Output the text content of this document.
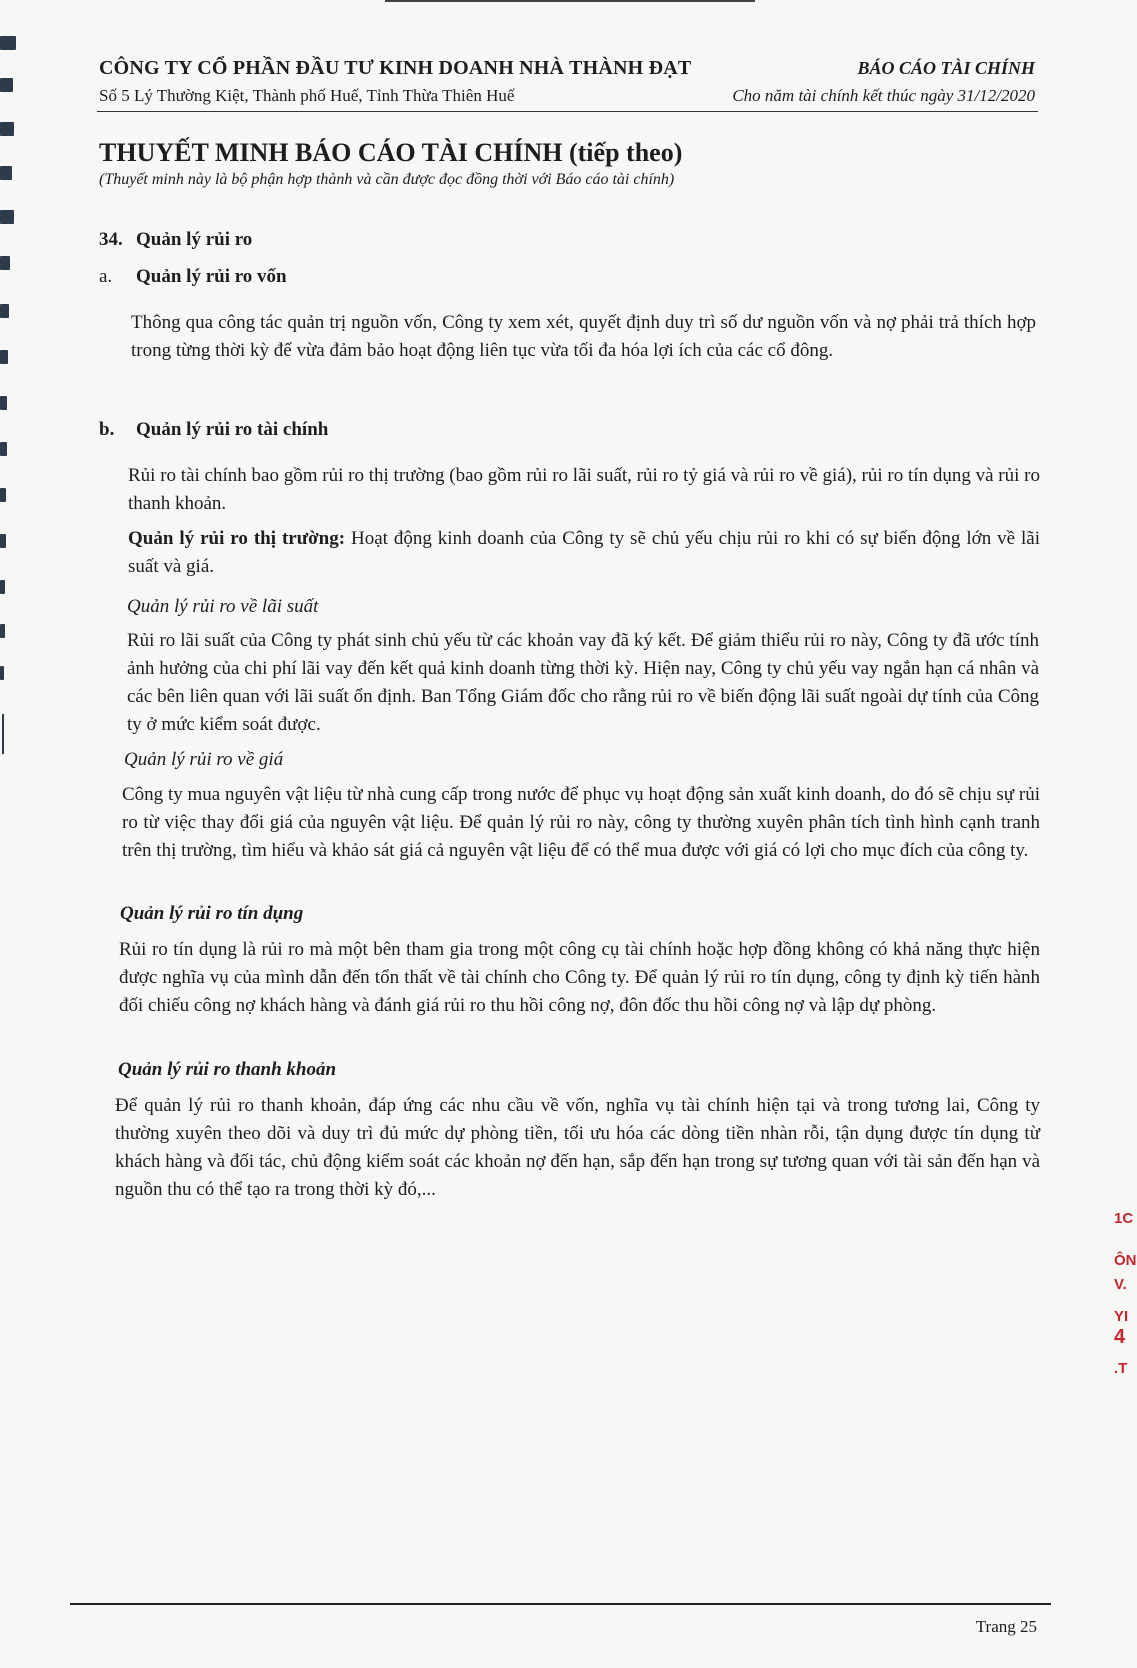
CÔNG TY CỔ PHẦN ĐẦU TƯ KINH DOANH NHÀ THÀNH ĐẠT
Số 5 Lý Thường Kiệt, Thành phố Huế, Tỉnh Thừa Thiên Huế
BÁO CÁO TÀI CHÍNH
Cho năm tài chính kết thúc ngày 31/12/2020
THUYẾT MINH BÁO CÁO TÀI CHÍNH (tiếp theo)
(Thuyết minh này là bộ phận hợp thành và cần được đọc đồng thời với Báo cáo tài chính)
34. Quản lý rủi ro
a. Quản lý rủi ro vốn
Thông qua công tác quản trị nguồn vốn, Công ty xem xét, quyết định duy trì số dư nguồn vốn và nợ phải trả thích hợp trong từng thời kỳ để vừa đảm bảo hoạt động liên tục vừa tối đa hóa lợi ích của các cổ đông.
b. Quản lý rủi ro tài chính
Rủi ro tài chính bao gồm rủi ro thị trường (bao gồm rủi ro lãi suất, rủi ro tỷ giá và rủi ro về giá), rủi ro tín dụng và rủi ro thanh khoản.
Quản lý rủi ro thị trường: Hoạt động kinh doanh của Công ty sẽ chủ yếu chịu rủi ro khi có sự biến động lớn về lãi suất và giá.
Quản lý rủi ro về lãi suất
Rủi ro lãi suất của Công ty phát sinh chủ yếu từ các khoản vay đã ký kết. Để giảm thiểu rủi ro này, Công ty đã ước tính ảnh hưởng của chi phí lãi vay đến kết quả kinh doanh từng thời kỳ. Hiện nay, Công ty chủ yếu vay ngắn hạn cá nhân và các bên liên quan với lãi suất ổn định. Ban Tổng Giám đốc cho rằng rủi ro về biến động lãi suất ngoài dự tính của Công ty ở mức kiểm soát được.
Quản lý rủi ro về giá
Công ty mua nguyên vật liệu từ nhà cung cấp trong nước để phục vụ hoạt động sản xuất kinh doanh, do đó sẽ chịu sự rủi ro từ việc thay đổi giá của nguyên vật liệu. Để quản lý rủi ro này, công ty thường xuyên phân tích tình hình cạnh tranh trên thị trường, tìm hiểu và khảo sát giá cả nguyên vật liệu để có thể mua được với giá có lợi cho mục đích của công ty.
Quản lý rủi ro tín dụng
Rủi ro tín dụng là rủi ro mà một bên tham gia trong một công cụ tài chính hoặc hợp đồng không có khả năng thực hiện được nghĩa vụ của mình dẫn đến tổn thất về tài chính cho Công ty. Để quản lý rủi ro tín dụng, công ty định kỳ tiến hành đối chiếu công nợ khách hàng và đánh giá rủi ro thu hồi công nợ, đôn đốc thu hồi công nợ và lập dự phòng.
Quản lý rủi ro thanh khoản
Để quản lý rủi ro thanh khoản, đáp ứng các nhu cầu về vốn, nghĩa vụ tài chính hiện tại và trong tương lai, Công ty thường xuyên theo dõi và duy trì đủ mức dự phòng tiền, tối ưu hóa các dòng tiền nhàn rỗi, tận dụng được tín dụng từ khách hàng và đối tác, chủ động kiểm soát các khoản nợ đến hạn, sắp đến hạn trong sự tương quan với tài sản đến hạn và nguồn thu có thể tạo ra trong thời kỳ đó,...
1C
ÔN
V.
YI
4
.T
Trang 25
